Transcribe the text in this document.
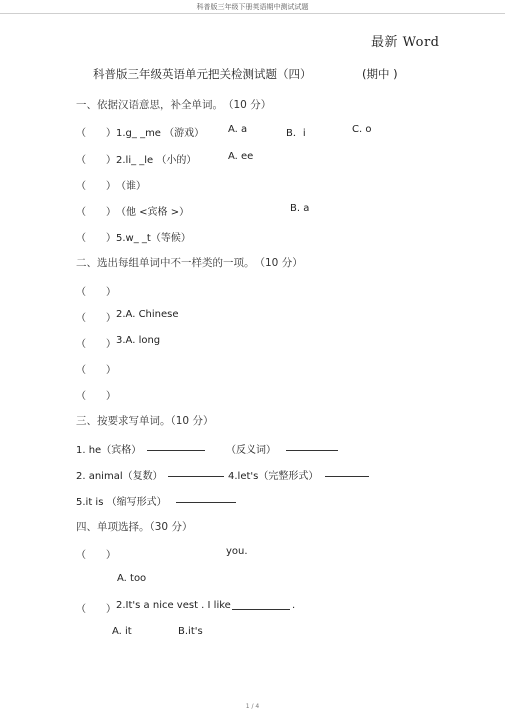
科普版三年级下册英语期中测试试题
最新 Word
科普版三年级英语单元把关检测试题（四）	(期中 )
一、依据汉语意思，补全单词。　（10 分）
（　　） 1.g_ _me （游戏） A. a	B．i	C. o
（　　） 2.li_ _le （小的）	A. ee
（　　） （谁）
（　　） （他 <宾格 >）	B. a
（　　） 5.w_ _t（等候）
二、选出每组单词中不一样类的一项。　（10 分）
（　　）
（　　） 2.A. Chinese
（　　） 3.A. long
（　　）
（　　）
三、按要求写单词。（10 分）
1. he（宾格）	（反义词）
2. animal（复数）	4.let's（完整形式）
5.it is （缩写形式）
四、单项选择。（30 分）
（　　）	you.
A. too
（　　） 2.It's a nice vest . I like	.
A. it	B.it's
1 / 4
